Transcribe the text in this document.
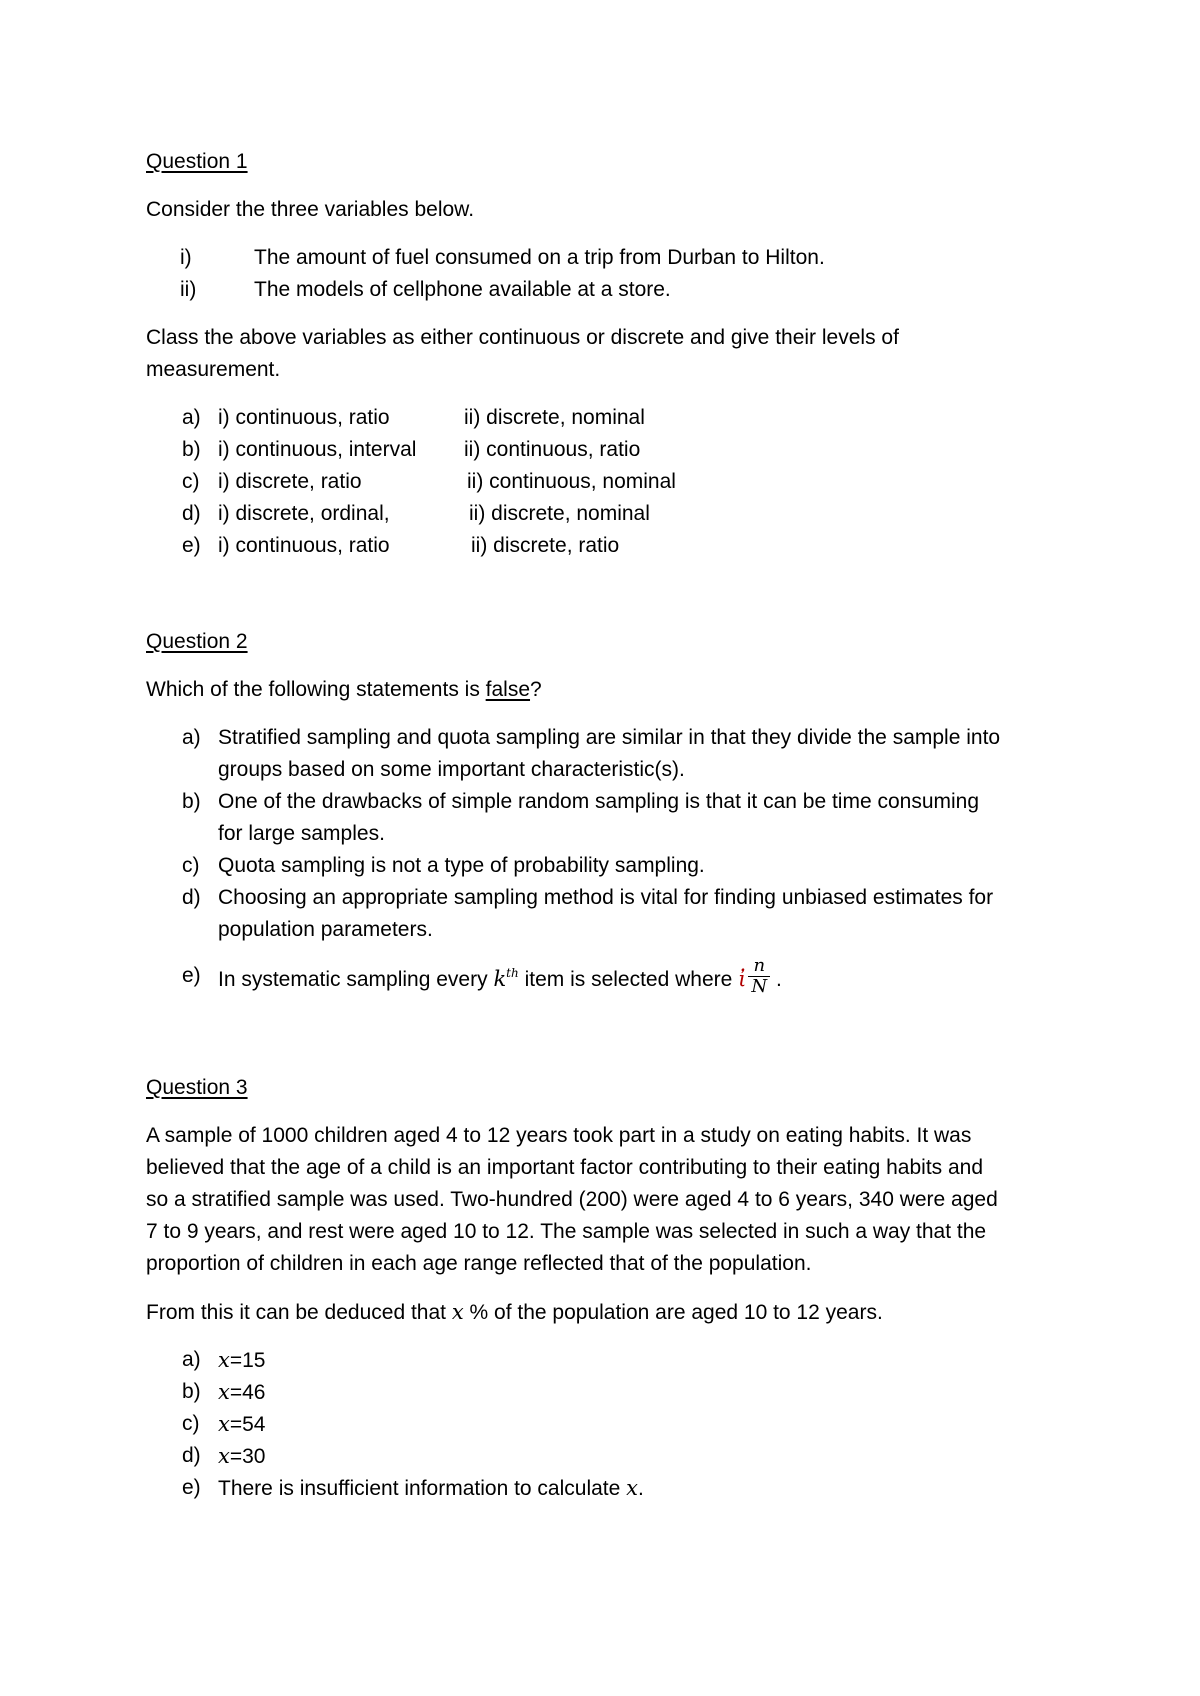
Question 1
Consider the three variables below.
i)	The amount of fuel consumed on a trip from Durban to Hilton.
ii)	The models of cellphone available at a store.
Class the above variables as either continuous or discrete and give their levels of
measurement.
a) i) continuous, ratio	ii) discrete, nominal
b) i) continuous, interval ii) continuous, ratio
c) i) discrete, ratio	ii) continuous, nominal
d) i) discrete, ordinal,	ii) discrete, nominal
e) i) continuous, ratio	ii) discrete, ratio
Question 2
Which of the following statements is false?
a) Stratified sampling and quota sampling are similar in that they divide the sample into
groups based on some important characteristic(s).
b) One of the drawbacks of simple random sampling is that it can be time consuming
for large samples.
c) Quota sampling is not a type of probability sampling.
d) Choosing an appropriate sampling method is vital for finding unbiased estimates for
population parameters.
e) In systematic sampling every $k^{th}$ item is selected where ἰ $\frac{n}{N}$ .
Question 3
A sample of 1000 children aged 4 to 12 years took part in a study on eating habits. It was
believed that the age of a child is an important factor contributing to their eating habits and
so a stratified sample was used. Two-hundred (200) were aged 4 to 6 years, 340 were aged
7 to 9 years, and rest were aged 10 to 12. The sample was selected in such a way that the
proportion of children in each age range reflected that of the population.
From this it can be deduced that x % of the population are aged 10 to 12 years.
a) x=15
b) x=46
c) x=54
d) x=30
e) There is insufficient information to calculate x.
